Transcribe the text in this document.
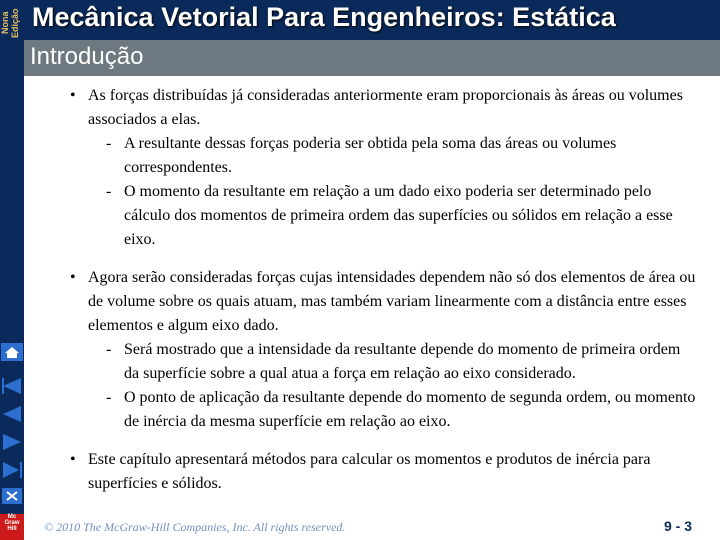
Nona Edição Mecânica Vetorial Para Engenheiros: Estática
Introdução
Mc Graw Hill
• As forças distribuídas já consideradas anteriormente eram proporcionais às áreas ou volumes associados a elas.
- A resultante dessas forças poderia ser obtida pela soma das áreas ou volumes correspondentes.
- O momento da resultante em relação a um dado eixo poderia ser determinado pelo cálculo dos momentos de primeira ordem das superfícies ou sólidos em relação a esse eixo.
• Agora serão consideradas forças cujas intensidades dependem não só dos elementos de área ou de volume sobre os quais atuam, mas também variam linearmente com a distância entre esses elementos e algum eixo dado.
- Será mostrado que a intensidade da resultante depende do momento de primeira ordem da superfície sobre a qual atua a força em relação ao eixo considerado.
- O ponto de aplicação da resultante depende do momento de segunda ordem, ou momento de inércia da mesma superfície em relação ao eixo.
• Este capítulo apresentará métodos para calcular os momentos e produtos de inércia para superfícies e sólidos.
© 2010 The McGraw-Hill Companies, Inc. All rights reserved.	9 - 3
